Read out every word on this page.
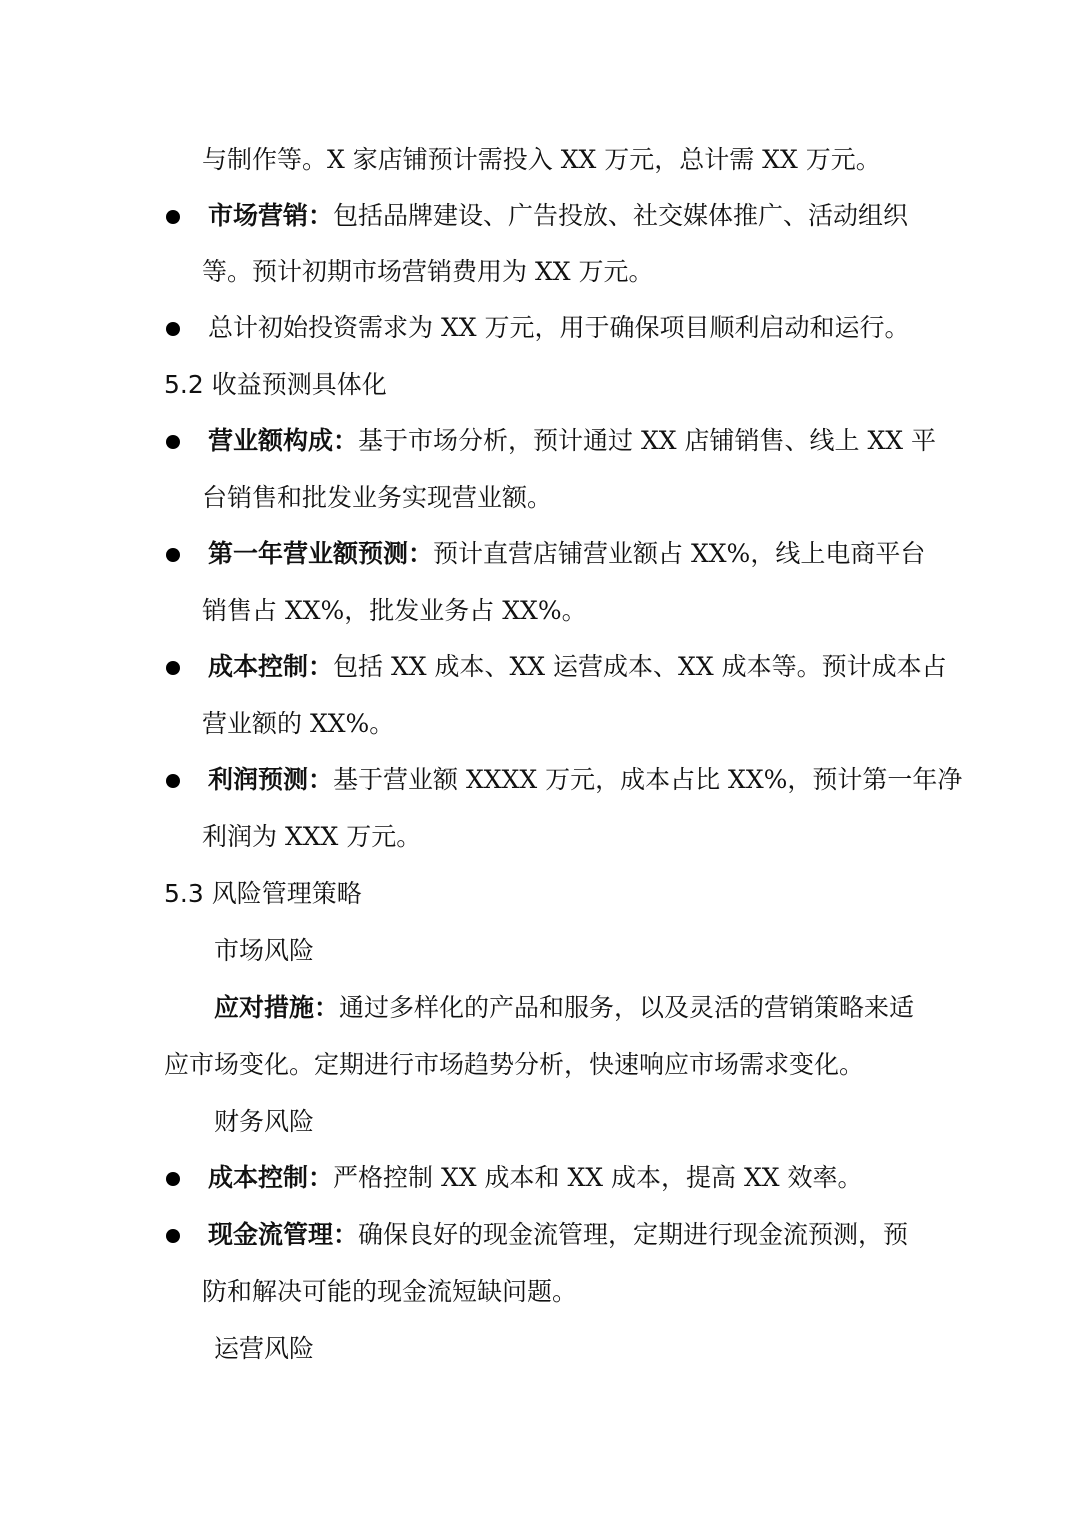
与制作等。X 家店铺预计需投入 XX 万元，总计需 XX 万元。
市场营销：包括品牌建设、广告投放、社交媒体推广、活动组织
等。预计初期市场营销费用为 XX 万元。
总计初始投资需求为 XX 万元，用于确保项目顺利启动和运行。
5.2 收益预测具体化
营业额构成：基于市场分析，预计通过 XX 店铺销售、线上 XX 平
台销售和批发业务实现营业额。
第一年营业额预测：预计直营店铺营业额占 XX%，线上电商平台
销售占 XX%，批发业务占 XX%。
成本控制：包括 XX 成本、XX 运营成本、XX 成本等。预计成本占
营业额的 XX%。
利润预测：基于营业额 XXXX 万元，成本占比 XX%，预计第一年净
利润为 XXX 万元。
5.3 风险管理策略
市场风险
应对措施：通过多样化的产品和服务，以及灵活的营销策略来适
应市场变化。定期进行市场趋势分析，快速响应市场需求变化。
财务风险
成本控制：严格控制 XX 成本和 XX 成本，提高 XX 效率。
现金流管理：确保良好的现金流管理，定期进行现金流预测，预
防和解决可能的现金流短缺问题。
运营风险
